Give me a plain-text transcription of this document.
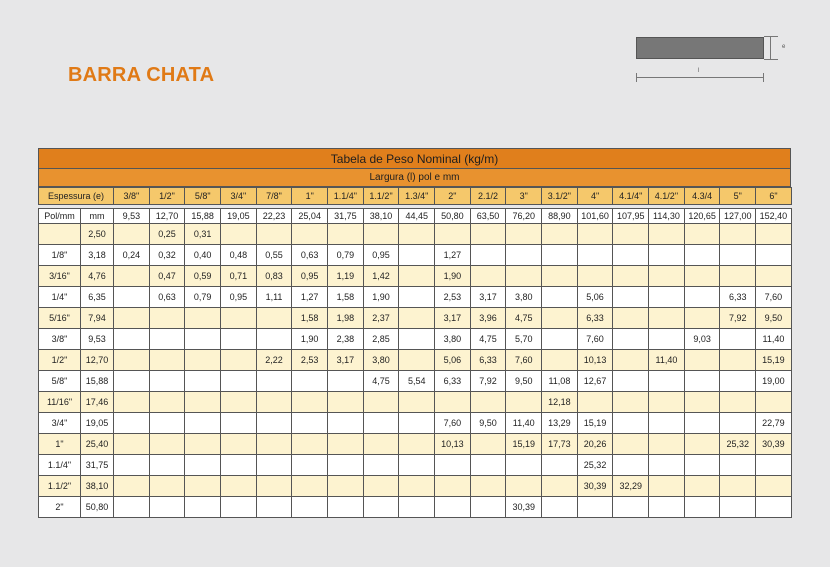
BARRA CHATA
e
l
Tabela de Peso Nominal (kg/m)
Largura (l) pol e mm
Espessura (e)		3/8"	1/2"	5/8"	3/4"	7/8"	1"	1.1/4"	1.1/2"	1.3/4"	2"	2.1/2	3"	3.1/2"	4"	4.1/4"	4.1/2"	4.3/4	5"	6"

Pol/mm	mm	9,53	12,70	15,88	19,05	22,23	25,04	31,75	38,10	44,45	50,80	63,50	76,20	88,90	101,60	107,95	114,30	120,65	127,00	152,40
	2,50		0,25	0,31																
1/8"	3,18	0,24	0,32	0,40	0,48	0,55	0,63	0,79	0,95		1,27									
3/16"	4,76		0,47	0,59	0,71	0,83	0,95	1,19	1,42		1,90									
1/4"	6,35		0,63	0,79	0,95	1,11	1,27	1,58	1,90		2,53	3,17	3,80		5,06				6,33	7,60
5/16"	7,94						1,58	1,98	2,37		3,17	3,96	4,75		6,33				7,92	9,50
3/8"	9,53						1,90	2,38	2,85		3,80	4,75	5,70		7,60			9,03		11,40
1/2"	12,70					2,22	2,53	3,17	3,80		5,06	6,33	7,60		10,13		11,40			15,19
5/8"	15,88								4,75	5,54	6,33	7,92	9,50	11,08	12,67					19,00
11/16"	17,46													12,18						
3/4"	19,05										7,60	9,50	11,40	13,29	15,19					22,79
1"	25,40										10,13		15,19	17,73	20,26				25,32	30,39
1.1/4"	31,75														25,32					
1.1/2"	38,10														30,39	32,29				
2"	50,80												30,39							
